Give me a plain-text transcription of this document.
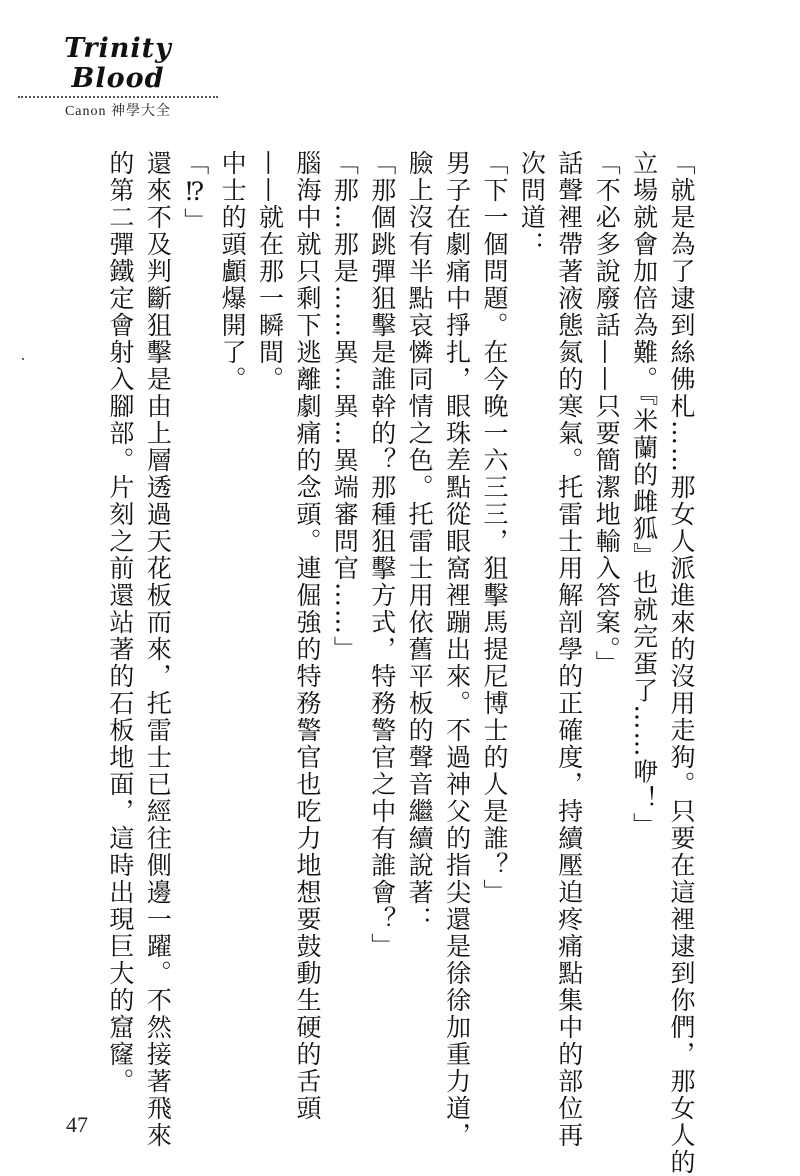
Trinity Blood
Canon 神學大全

「就是為了逮到絲佛札……那女人派進來的沒用走狗。只要在這裡逮到你們，那女人的

立場就會加倍為難。『米蘭的雌狐』也就完蛋了……咿！」

「不必多說廢話——只要簡潔地輸入答案。」

話聲裡帶著液態氮的寒氣。托雷士用解剖學的正確度，持續壓迫疼痛點集中的部位再

次問道：

「下一個問題。在今晚一六三三，狙擊馬提尼博士的人是誰？」

男子在劇痛中掙扎，眼珠差點從眼窩裡蹦出來。不過神父的指尖還是徐徐加重力道，

臉上沒有半點哀憐同情之色。托雷士用依舊平板的聲音繼續說著：

「那個跳彈狙擊是誰幹的？那種狙擊方式，特務警官之中有誰會？」

「那…那是……異…異…異端審問官……」

腦海中就只剩下逃離劇痛的念頭。連倔強的特務警官也吃力地想要鼓動生硬的舌頭

——就在那一瞬間。

中士的頭顱爆開了。

「⁉」

還來不及判斷狙擊是由上層透過天花板而來，托雷士已經往側邊一躍。不然接著飛來

的第二彈鐵定會射入腳部。片刻之前還站著的石板地面，這時出現巨大的窟窿。

47
